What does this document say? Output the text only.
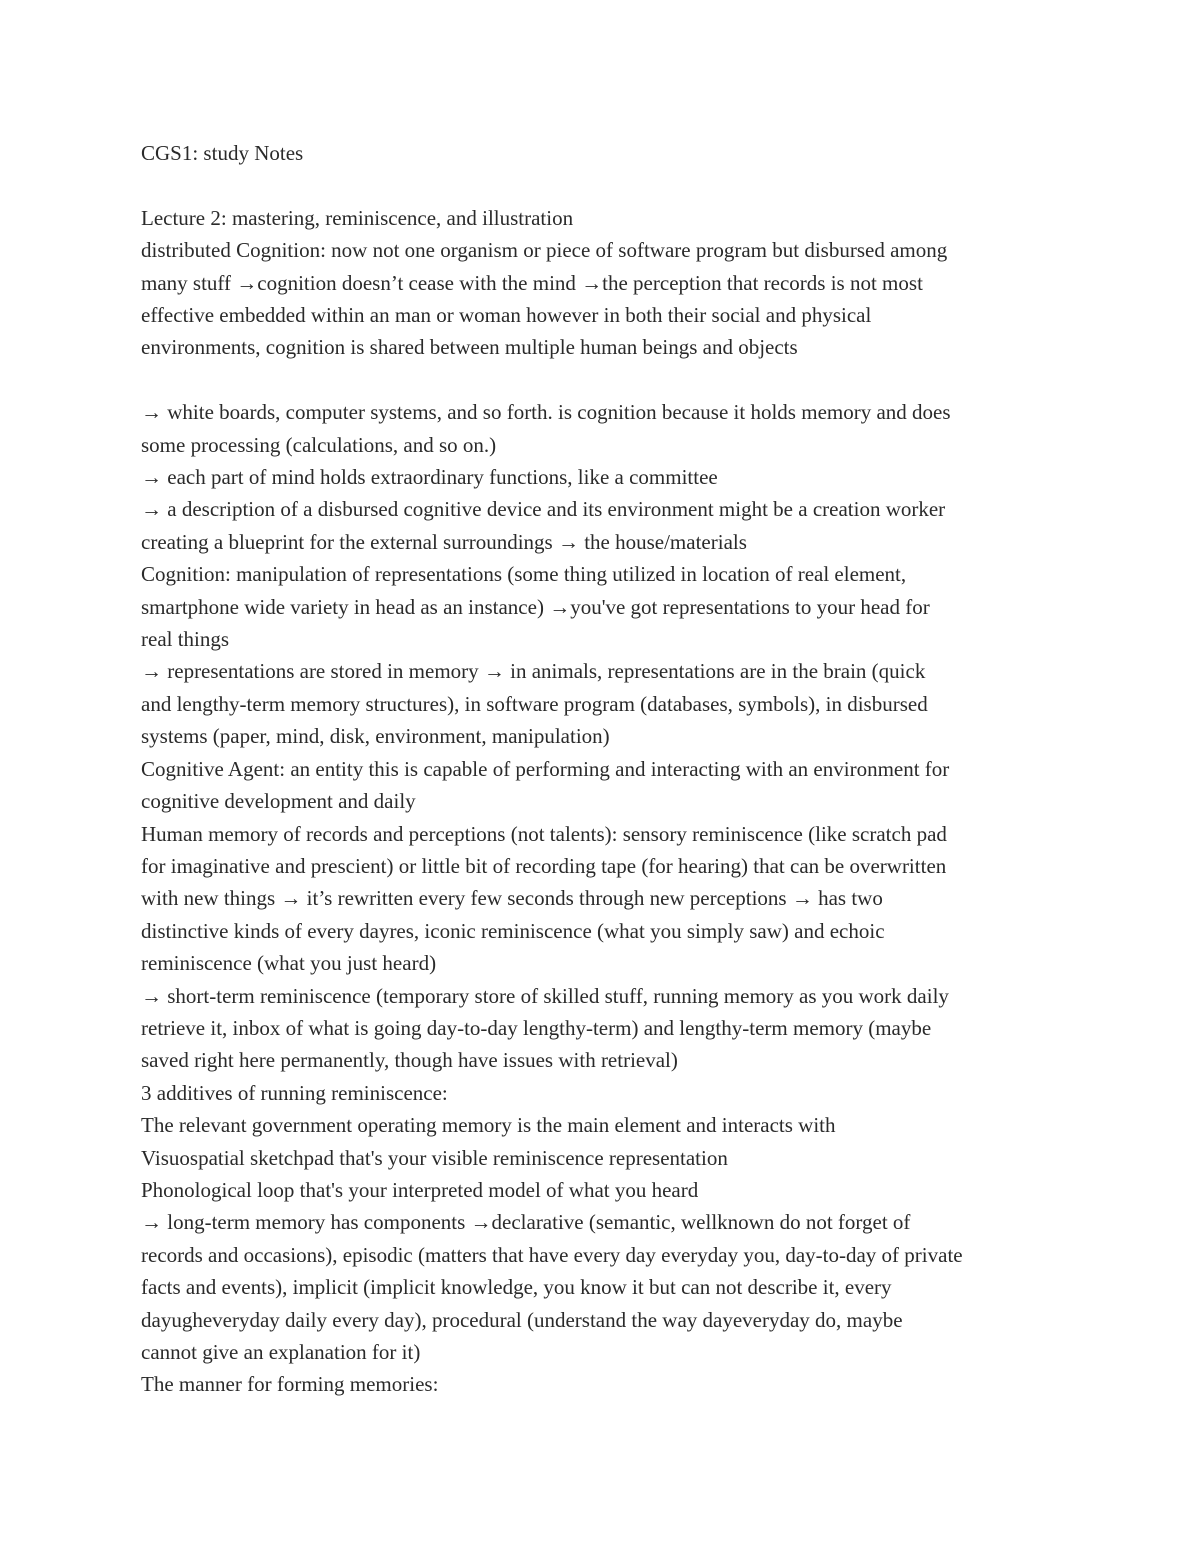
CGS1: study Notes

Lecture 2: mastering, reminiscence, and illustration

distributed Cognition: now not one organism or piece of software program but disbursed among

many stuff →cognition doesn’t cease with the mind →the perception that records is not most

effective embedded within an man or woman however in both their social and physical

environments, cognition is shared between multiple human beings and objects

→ white boards, computer systems, and so forth. is cognition because it holds memory and does

some processing (calculations, and so on.)

→ each part of mind holds extraordinary functions, like a committee

→ a description of a disbursed cognitive device and its environment might be a creation worker

creating a blueprint for the external surroundings → the house/materials

Cognition: manipulation of representations (some thing utilized in location of real element,

smartphone wide variety in head as an instance) →you've got representations to your head for

real things

→ representations are stored in memory → in animals, representations are in the brain (quick

and lengthy-term memory structures), in software program (databases, symbols), in disbursed

systems (paper, mind, disk, environment, manipulation)

Cognitive Agent: an entity this is capable of performing and interacting with an environment for

cognitive development and daily

Human memory of records and perceptions (not talents): sensory reminiscence (like scratch pad

for imaginative and prescient) or little bit of recording tape (for hearing) that can be overwritten

with new things → it’s rewritten every few seconds through new perceptions → has two

distinctive kinds of every dayres, iconic reminiscence (what you simply saw) and echoic

reminiscence (what you just heard)

→ short-term reminiscence (temporary store of skilled stuff, running memory as you work daily

retrieve it, inbox of what is going day-to-day lengthy-term) and lengthy-term memory (maybe

saved right here permanently, though have issues with retrieval)

3 additives of running reminiscence:

The relevant government operating memory is the main element and interacts with

Visuospatial sketchpad that's your visible reminiscence representation

Phonological loop that's your interpreted model of what you heard

→ long-term memory has components →declarative (semantic, wellknown do not forget of

records and occasions), episodic (matters that have every day everyday you, day-to-day of private

facts and events), implicit (implicit knowledge, you know it but can not describe it, every

dayugheveryday daily every day), procedural (understand the way dayeveryday do, maybe

cannot give an explanation for it)

The manner for forming memories:
